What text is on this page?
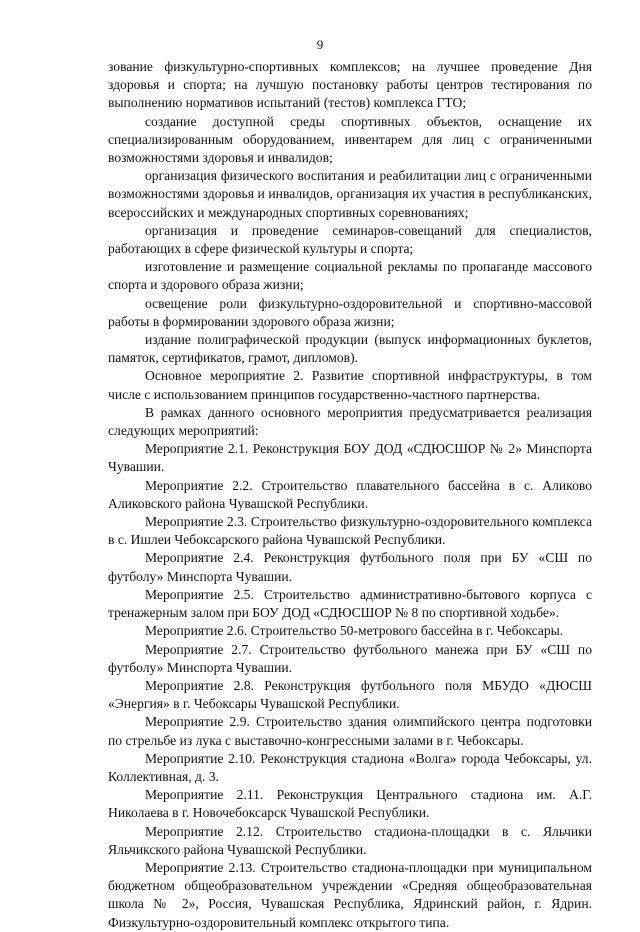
9

зование физкультурно-спортивных комплексов; на лучшее проведение Дня здоровья и спорта; на лучшую постановку работы центров тестирования по выполнению нормативов испытаний (тестов) комплекса ГТО;

создание доступной среды спортивных объектов, оснащение их специализированным оборудованием, инвентарем для лиц с ограниченными возможностями здоровья и инвалидов;

организация физического воспитания и реабилитации лиц с ограниченными возможностями здоровья и инвалидов, организация их участия в республиканских, всероссийских и международных спортивных соревнованиях;

организация и проведение семинаров-совещаний для специалистов, работающих в сфере физической культуры и спорта;

изготовление и размещение социальной рекламы по пропаганде массового спорта и здорового образа жизни;

освещение роли физкультурно-оздоровительной и спортивно-массовой работы в формировании здорового образа жизни;

издание полиграфической продукции (выпуск информационных буклетов, памяток, сертификатов, грамот, дипломов).

Основное мероприятие 2. Развитие спортивной инфраструктуры, в том числе с использованием принципов государственно-частного партнерства.

В рамках данного основного мероприятия предусматривается реализация следующих мероприятий:

Мероприятие 2.1. Реконструкция БОУ ДОД «СДЮСШОР № 2» Минспорта Чувашии.

Мероприятие 2.2. Строительство плавательного бассейна в с. Аликово Аликовского района Чувашской Республики.

Мероприятие 2.3. Строительство физкультурно-оздоровительного комплекса в с. Ишлеи Чебоксарского района Чувашской Республики.

Мероприятие 2.4. Реконструкция футбольного поля при БУ «СШ по футболу» Минспорта Чувашии.

Мероприятие 2.5. Строительство административно-бытового корпуса с тренажерным залом при БОУ ДОД «СДЮСШОР № 8 по спортивной ходьбе».

Мероприятие 2.6. Строительство 50-метрового бассейна в г. Чебоксары.

Мероприятие 2.7. Строительство футбольного манежа при БУ «СШ по футболу» Минспорта Чувашии.

Мероприятие 2.8. Реконструкция футбольного поля МБУДО «ДЮСШ «Энергия» в г. Чебоксары Чувашской Республики.

Мероприятие 2.9. Строительство здания олимпийского центра подготовки по стрельбе из лука с выставочно-конгрессными залами в г. Чебоксары.

Мероприятие 2.10. Реконструкция стадиона «Волга» города Чебоксары, ул. Коллективная, д. 3.

Мероприятие 2.11. Реконструкция Центрального стадиона им. А.Г. Николаева в г. Новочебоксарск Чувашской Республики.

Мероприятие 2.12. Строительство стадиона-площадки в с. Яльчики Яльчикского района Чувашской Республики.

Мероприятие 2.13. Строительство стадиона-площадки при муниципальном бюджетном общеобразовательном учреждении «Средняя общеобразовательная школа № 2», Россия, Чувашская Республика, Ядринский район, г. Ядрин. Физкультурно-оздоровительный комплекс открытого типа.
